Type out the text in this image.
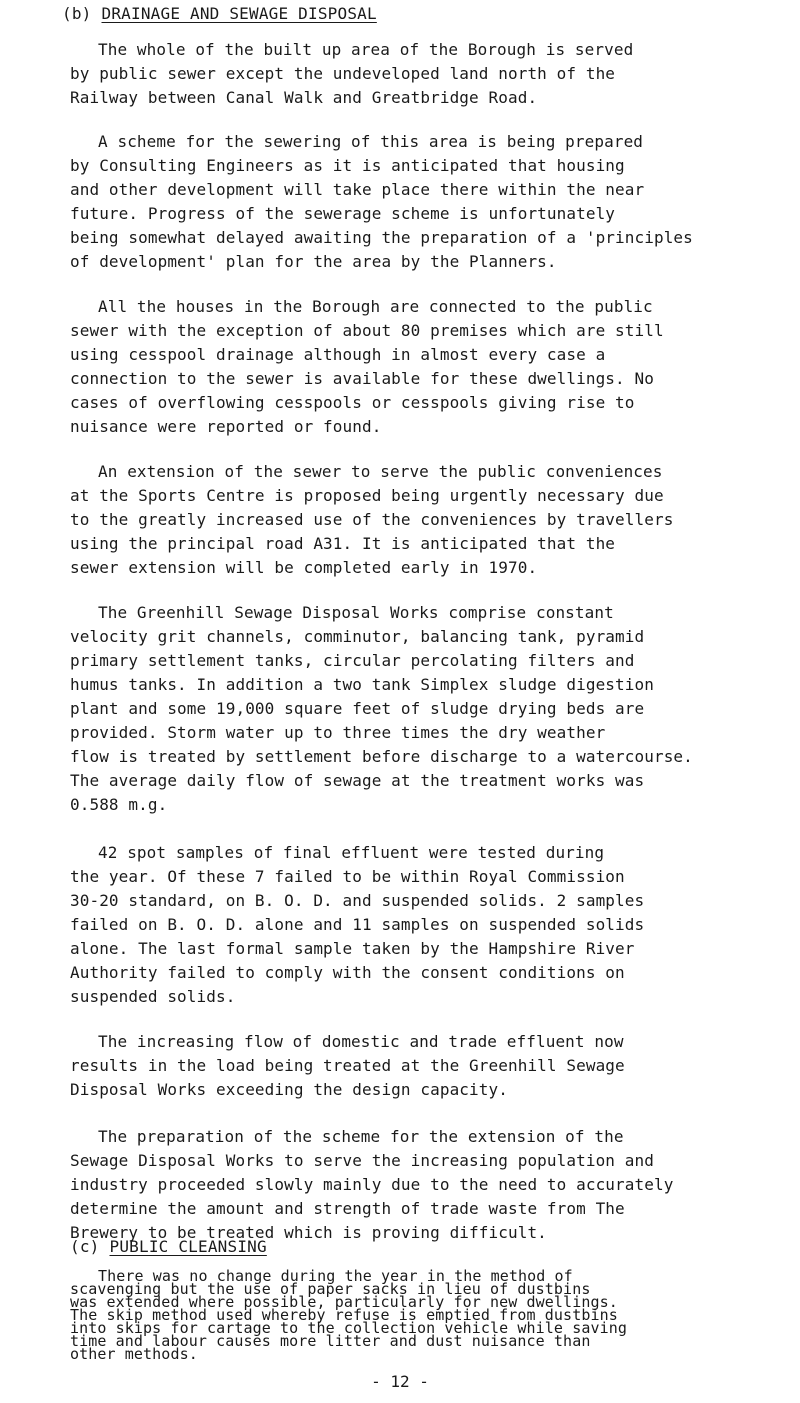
(b) DRAINAGE AND SEWAGE DISPOSAL

The whole of the built up area of the Borough is served
by public sewer except the undeveloped land north of the
Railway between Canal Walk and Greatbridge Road.

A scheme for the sewering of this area is being prepared
by Consulting Engineers as it is anticipated that housing
and other development will take place there within the near
future. Progress of the sewerage scheme is unfortunately
being somewhat delayed awaiting the preparation of a 'principles
of development' plan for the area by the Planners.

All the houses in the Borough are connected to the public
sewer with the exception of about 80 premises which are still
using cesspool drainage although in almost every case a
connection to the sewer is available for these dwellings. No
cases of overflowing cesspools or cesspools giving rise to
nuisance were reported or found.

An extension of the sewer to serve the public conveniences
at the Sports Centre is proposed being urgently necessary due
to the greatly increased use of the conveniences by travellers
using the principal road A31. It is anticipated that the
sewer extension will be completed early in 1970.

The Greenhill Sewage Disposal Works comprise constant
velocity grit channels, comminutor, balancing tank, pyramid
primary settlement tanks, circular percolating filters and
humus tanks. In addition a two tank Simplex sludge digestion
plant and some 19,000 square feet of sludge drying beds are
provided. Storm water up to three times the dry weather
flow is treated by settlement before discharge to a watercourse.
The average daily flow of sewage at the treatment works was
0.588 m.g.

42 spot samples of final effluent were tested during
the year. Of these 7 failed to be within Royal Commission
30-20 standard, on B. O. D. and suspended solids. 2 samples
failed on B. O. D. alone and 11 samples on suspended solids
alone. The last formal sample taken by the Hampshire River
Authority failed to comply with the consent conditions on
suspended solids.

The increasing flow of domestic and trade effluent now
results in the load being treated at the Greenhill Sewage
Disposal Works exceeding the design capacity.

The preparation of the scheme for the extension of the
Sewage Disposal Works to serve the increasing population and
industry proceeded slowly mainly due to the need to accurately
determine the amount and strength of trade waste from The
Brewery to be treated which is proving difficult.

(c) PUBLIC CLEANSING

There was no change during the year in the method of
scavenging but the use of paper sacks in lieu of dustbins
was extended where possible, particularly for new dwellings.
The skip method used whereby refuse is emptied from dustbins
into skips for cartage to the collection vehicle while saving
time and labour causes more litter and dust nuisance than
other methods.

- 12 -
